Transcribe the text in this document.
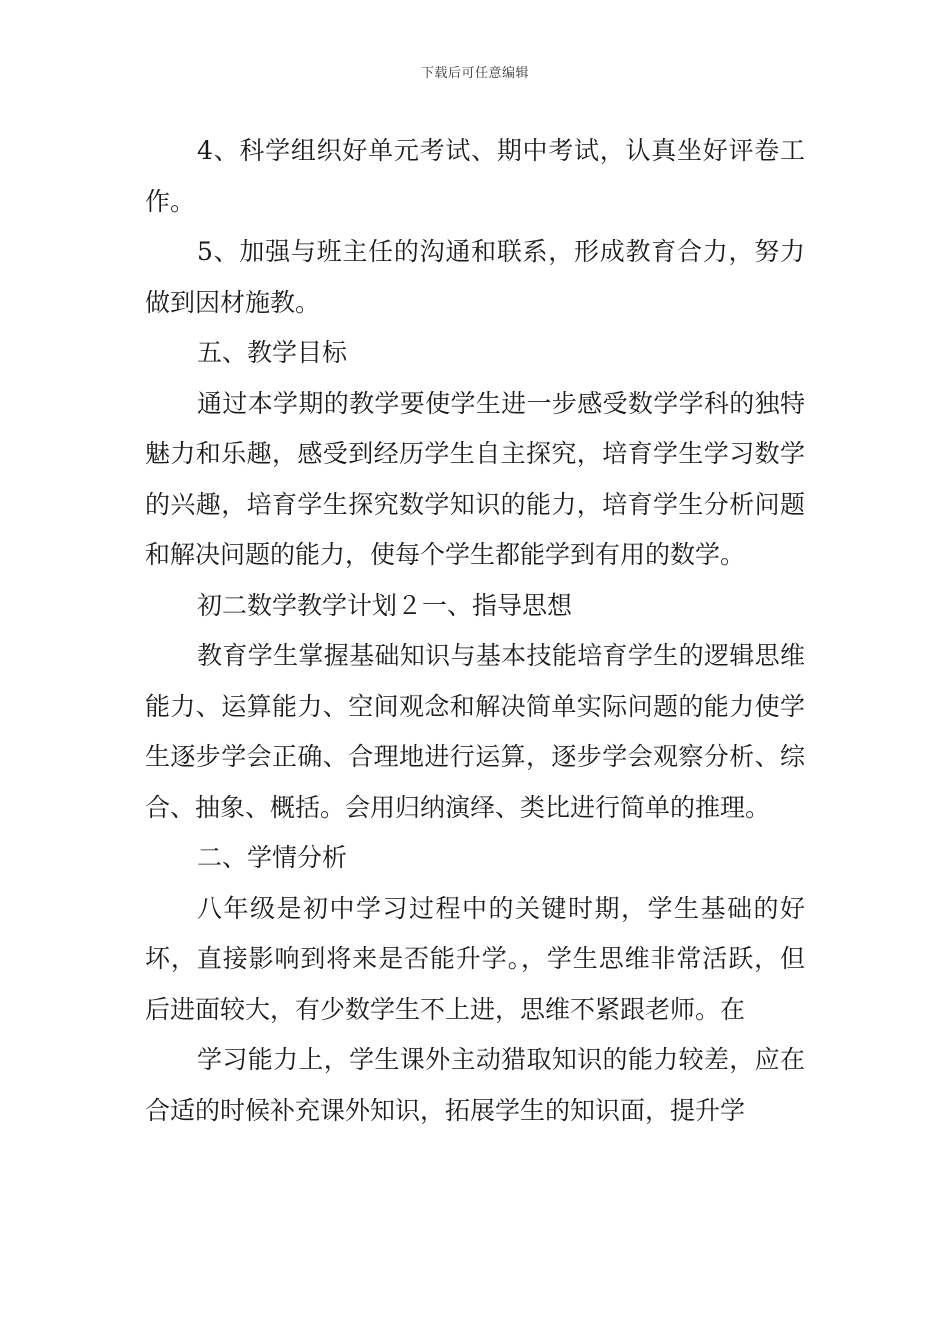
下载后可任意编辑

4、科学组织好单元考试、期中考试，认真坐好评卷工作。

5、加强与班主任的沟通和联系，形成教育合力，努力做到因材施教。

五、教学目标

通过本学期的教学要使学生进一步感受数学学科的独特魅力和乐趣，感受到经历学生自主探究，培育学生学习数学的兴趣，培育学生探究数学知识的能力，培育学生分析问题和解决问题的能力，使每个学生都能学到有用的数学。

初二数学教学计划２一、指导思想

教育学生掌握基础知识与基本技能培育学生的逻辑思维能力、运算能力、空间观念和解决简单实际问题的能力使学生逐步学会正确、合理地进行运算，逐步学会观察分析、综合、抽象、概括。会用归纳演绎、类比进行简单的推理。

二、学情分析

八年级是初中学习过程中的关键时期，学生基础的好坏，直接影响到将来是否能升学。，学生思维非常活跃，但后进面较大，有少数学生不上进，思维不紧跟老师。在

学习能力上，学生课外主动猎取知识的能力较差，应在合适的时候补充课外知识，拓展学生的知识面，提升学
